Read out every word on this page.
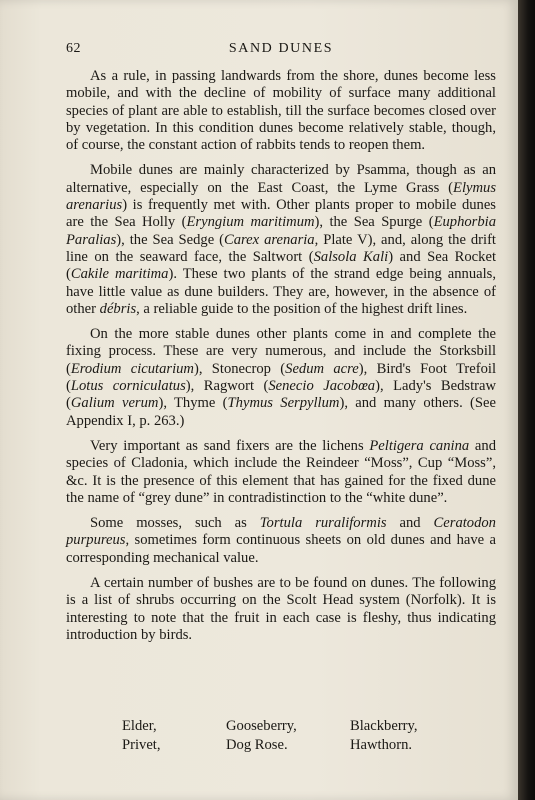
62	SAND DUNES

As a rule, in passing landwards from the shore, dunes become less mobile, and with the decline of mobility of surface many additional species of plant are able to establish, till the surface becomes closed over by vegetation. In this condition dunes become relatively stable, though, of course, the constant action of rabbits tends to reopen them.

Mobile dunes are mainly characterized by Psamma, though as an alternative, especially on the East Coast, the Lyme Grass (Elymus arenarius) is frequently met with. Other plants proper to mobile dunes are the Sea Holly (Eryngium maritimum), the Sea Spurge (Euphorbia Paralias), the Sea Sedge (Carex arenaria, Plate V), and, along the drift line on the seaward face, the Saltwort (Salsola Kali) and Sea Rocket (Cakile maritima). These two plants of the strand edge being annuals, have little value as dune builders. They are, however, in the absence of other débris, a reliable guide to the position of the highest drift lines.

On the more stable dunes other plants come in and complete the fixing process. These are very numerous, and include the Storksbill (Erodium cicutarium), Stonecrop (Sedum acre), Bird's Foot Trefoil (Lotus corniculatus), Ragwort (Senecio Jacobœa), Lady's Bedstraw (Galium verum), Thyme (Thymus Serpyllum), and many others. (See Appendix I, p. 263.)

Very important as sand fixers are the lichens Peltigera canina and species of Cladonia, which include the Reindeer “Moss”, Cup “Moss”, &c. It is the presence of this element that has gained for the fixed dune the name of “grey dune” in contradistinction to the “white dune”.

Some mosses, such as Tortula ruraliformis and Ceratodon purpureus, sometimes form continuous sheets on old dunes and have a corresponding mechanical value.

A certain number of bushes are to be found on dunes. The following is a list of shrubs occurring on the Scolt Head system (Norfolk). It is interesting to note that the fruit in each case is fleshy, thus indicating introduction by birds.

Elder,
Privet,
Gooseberry,
Dog Rose.
Blackberry,
Hawthorn.
